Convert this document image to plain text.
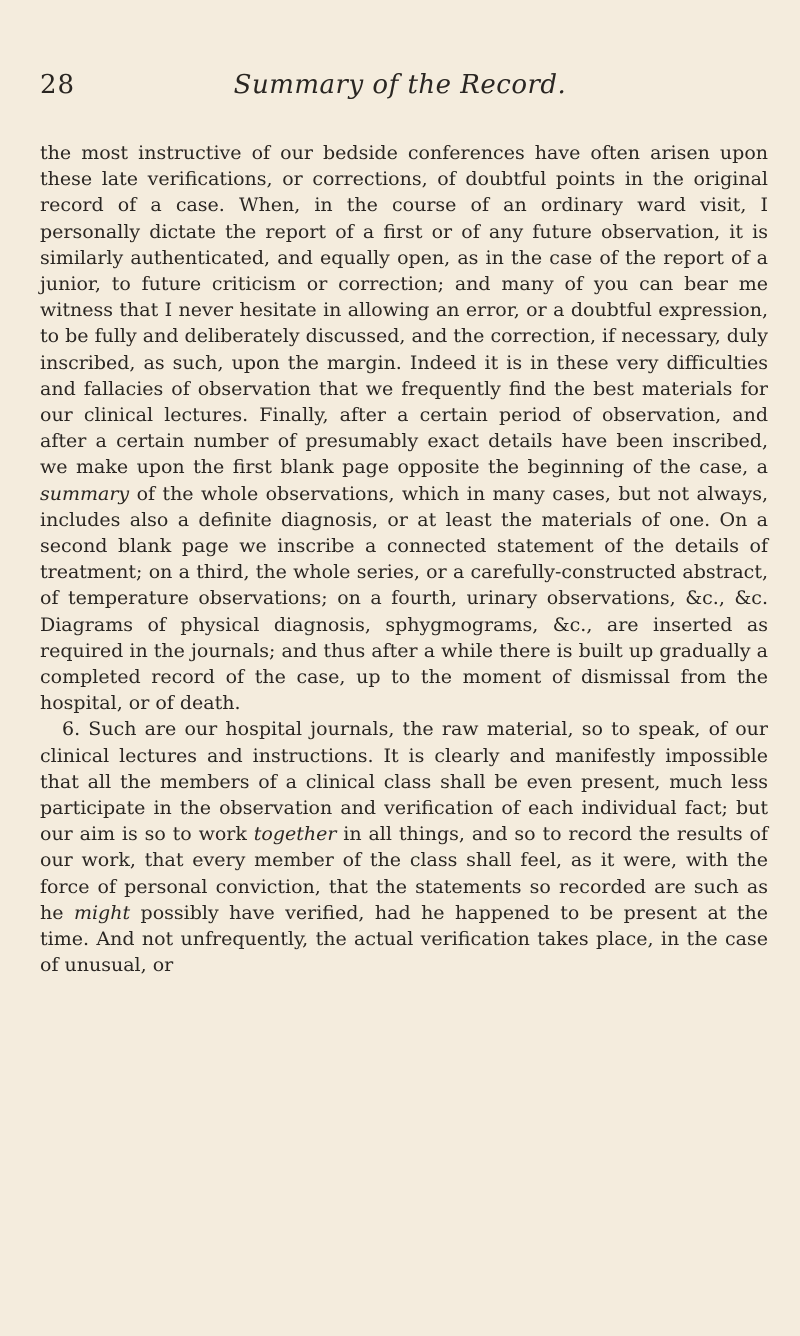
28	Summary of the Record.

the most instructive of our bedside conferences have often arisen upon these late verifications, or corrections, of doubtful points in the original record of a case. When, in the course of an ordinary ward visit, I personally dictate the report of a first or of any future observation, it is similarly authenticated, and equally open, as in the case of the report of a junior, to future criticism or correction; and many of you can bear me witness that I never hesitate in allowing an error, or a doubtful expression, to be fully and deliberately discussed, and the correction, if necessary, duly inscribed, as such, upon the margin. Indeed it is in these very difficulties and fallacies of observation that we frequently find the best materials for our clinical lectures. Finally, after a certain period of observation, and after a certain number of presumably exact details have been inscribed, we make upon the first blank page opposite the beginning of the case, a summary of the whole observations, which in many cases, but not always, includes also a definite diagnosis, or at least the materials of one. On a second blank page we inscribe a connected statement of the details of treatment; on a third, the whole series, or a carefully-constructed abstract, of temperature observations; on a fourth, urinary observations, &c., &c. Diagrams of physical diagnosis, sphygmograms, &c., are inserted as required in the journals; and thus after a while there is built up gradually a completed record of the case, up to the moment of dismissal from the hospital, or of death.

6. Such are our hospital journals, the raw material, so to speak, of our clinical lectures and instructions. It is clearly and manifestly impossible that all the members of a clinical class shall be even present, much less participate in the observation and verification of each individual fact; but our aim is so to work together in all things, and so to record the results of our work, that every member of the class shall feel, as it were, with the force of personal conviction, that the statements so recorded are such as he might possibly have verified, had he happened to be present at the time. And not unfrequently, the actual verification takes place, in the case of unusual, or
